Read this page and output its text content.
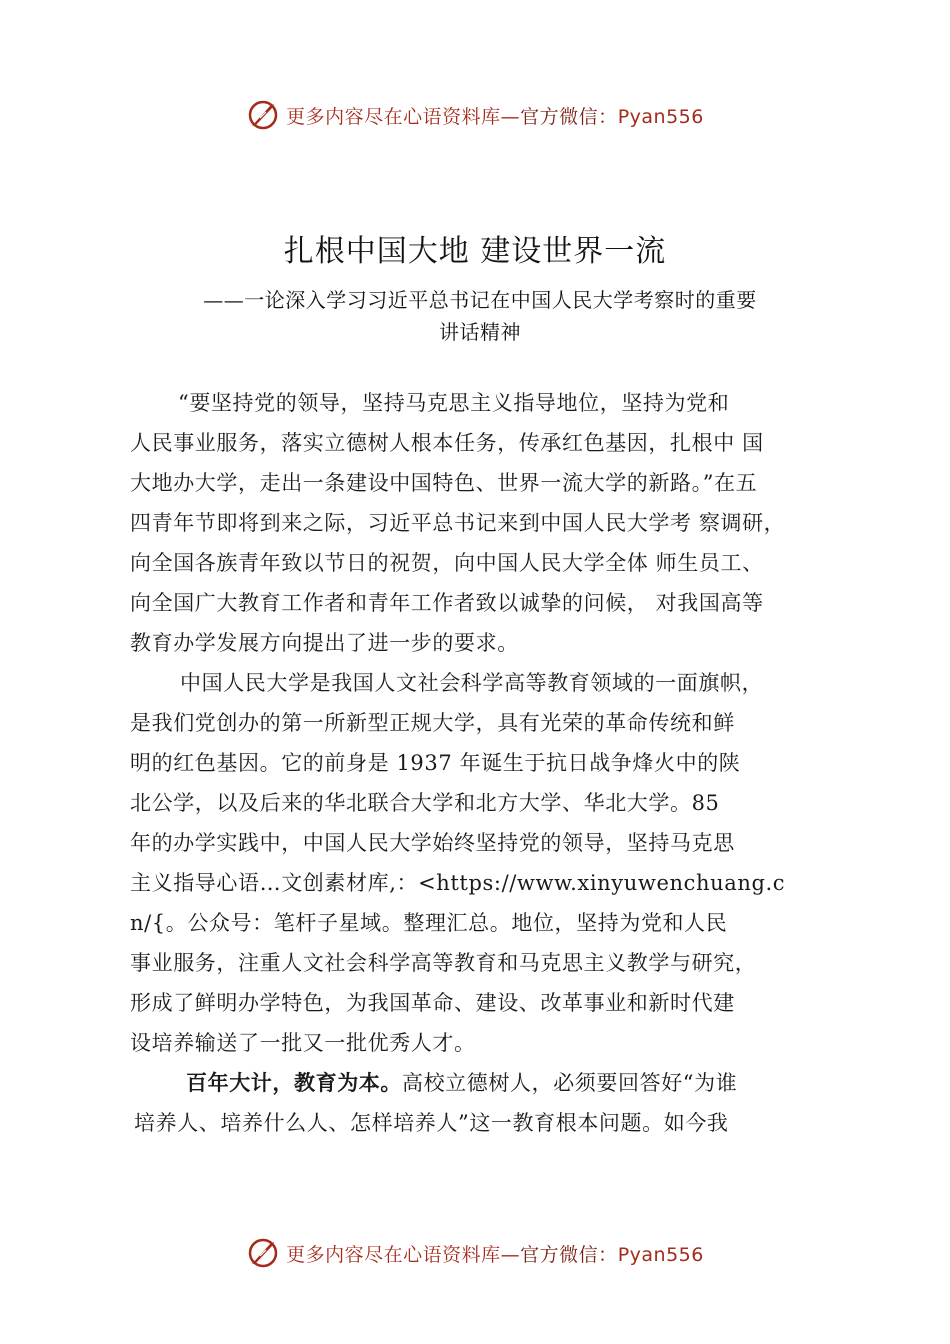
更多内容尽在心语资料库—官方微信：Pyan556
扎根中国大地 建设世界一流
——一论深入学习习近平总书记在中国人民大学考察时的重要
讲话精神
“要坚持党的领导，坚持马克思主义指导地位，坚持为党和
人民事业服务，落实立德树人根本任务，传承红色基因，扎根中 国
大地办大学，走出一条建设中国特色、世界一流大学的新路。”在五
四青年节即将到来之际，习近平总书记来到中国人民大学考 察调研，
向全国各族青年致以节日的祝贺，向中国人民大学全体 师生员工、
向全国广大教育工作者和青年工作者致以诚挚的问候， 对我国高等
教育办学发展方向提出了进一步的要求。
中国人民大学是我国人文社会科学高等教育领域的一面旗帜，
是我们党创办的第一所新型正规大学，具有光荣的革命传统和鲜
明的红色基因。它的前身是 1937 年诞生于抗日战争烽火中的陕
北公学，以及后来的华北联合大学和北方大学、华北大学。85
年的办学实践中，中国人民大学始终坚持党的领导，坚持马克思
主义指导心语…文创素材库,：<https://www.xinyuwenchuang.c
n/{。公众号：笔杆子星域。整理汇总。地位，坚持为党和人民
事业服务，注重人文社会科学高等教育和马克思主义教学与研究，
形成了鲜明办学特色，为我国革命、建设、改革事业和新时代建
设培养输送了一批又一批优秀人才。
百年大计，教育为本。高校立德树人，必须要回答好“为谁
培养人、培养什么人、怎样培养人”这一教育根本问题。如今我
更多内容尽在心语资料库—官方微信：Pyan556
